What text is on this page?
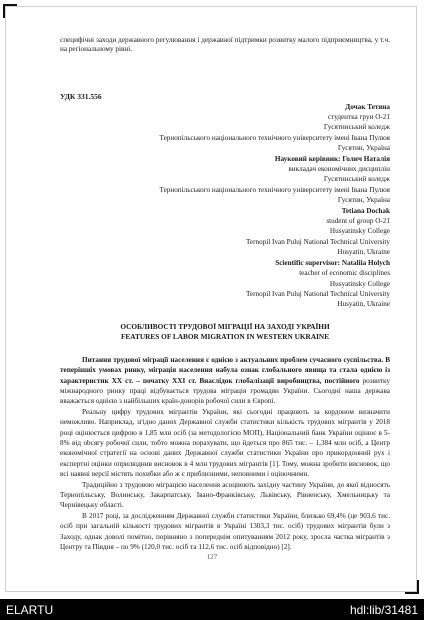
специфічні заходи державного регулювання і державної підтримки розвитку малого підприємництва, у т.ч. на регіональному рівні.

УДК 331.556
Дочак Тетяна
студентка груи О-21
Гусятинський коледж
Тернопільського національного технічного університету імені Івана Пулюя
Гусятин, Україна
Науковий керівник: Голич Наталія
викладач економічних дисциплін
Гусятинський коледж
Тернопільського національного технічного університету імені Івана Пулюя
Гусятин, Україна
Tetiana Dochak
student of group O-21
Husyatinsky College
Ternopil Ivan Puluj National Technical University
Husyatin, Ukraine
Scientific supervisor: Nataliia Holych
teacher of economic disciplines
Husyatinsky College
Ternopil Ivan Puluj National Technical University
Husyatin, Ukraine
ОСОБЛИВОСТІ ТРУДОВОЇ МІГРАЦІЇ НА ЗАХОДІ УКРАЇНИ
FEATURES OF LABOR MIGRATION IN WESTERN UKRAINE

Питання трудової міграції населення є однією з актуальних проблем сучасного суспільства. В теперішніх умовах ринку, міграція населення набула ознак глобального явища та стала однією із характеристик ХХ ст. – початку ХХІ ст. Внаслідок глобалізації виробництва, постійного розвитку міжнародного ринку праці відбувається трудова міграція громадян України. Сьогодні наша держава вважається однією з найбільших країн-донорів робочої сили в Європі.

Реальну цифру трудових мігрантів України, які сьогодні працюють за кордоном визначити неможливо. Наприклад, згідно даних Державної служби статистики кількість трудових мігрантів у 2018 році оцінюється цифрою в 1,85 млн осіб (за методологією МОП), Національний банк України оцінює в 5-8% від obсягу робочої сили, тобто можна порахувати, що йдеться про 865 тис. – 1,384 млн осіб, а Центр економічної стратегії на основі даних Державної служби статистики України про прикордонний рух і експертні оцінки оприлюднив висновок в 4 млн трудових мігрантів [1]. Тому, можна зробити висновок, що всі наявні версії містять похибки або ж є приблизними, неповними і оціночними.

Традиційно з трудовою міграцією населення асоціюють західну частину України, до якої відносять Тернопільську, Волинську, Закарпатську, Івано-Франківську, Львівську, Рівненську, Хмельницьку та Чернівецьку області.

В 2017 році, за дослідженням Державної служби статистики України, близько 69,4% (це 903,6 тис. осіб при загальній кількості трудових мігрантів в Україні 1303,3 тис. осіб) трудових мігрантів були з Заходу, однак доволі помітно, порівняно з попереднім опитуванням 2012 року, зросла частка мігрантів з Центру та Півдня – по 9% (120,0 тис. осіб та 112,6 тис. осіб відповідно) [2].

127
ELARTU	hdl:lib/31481
